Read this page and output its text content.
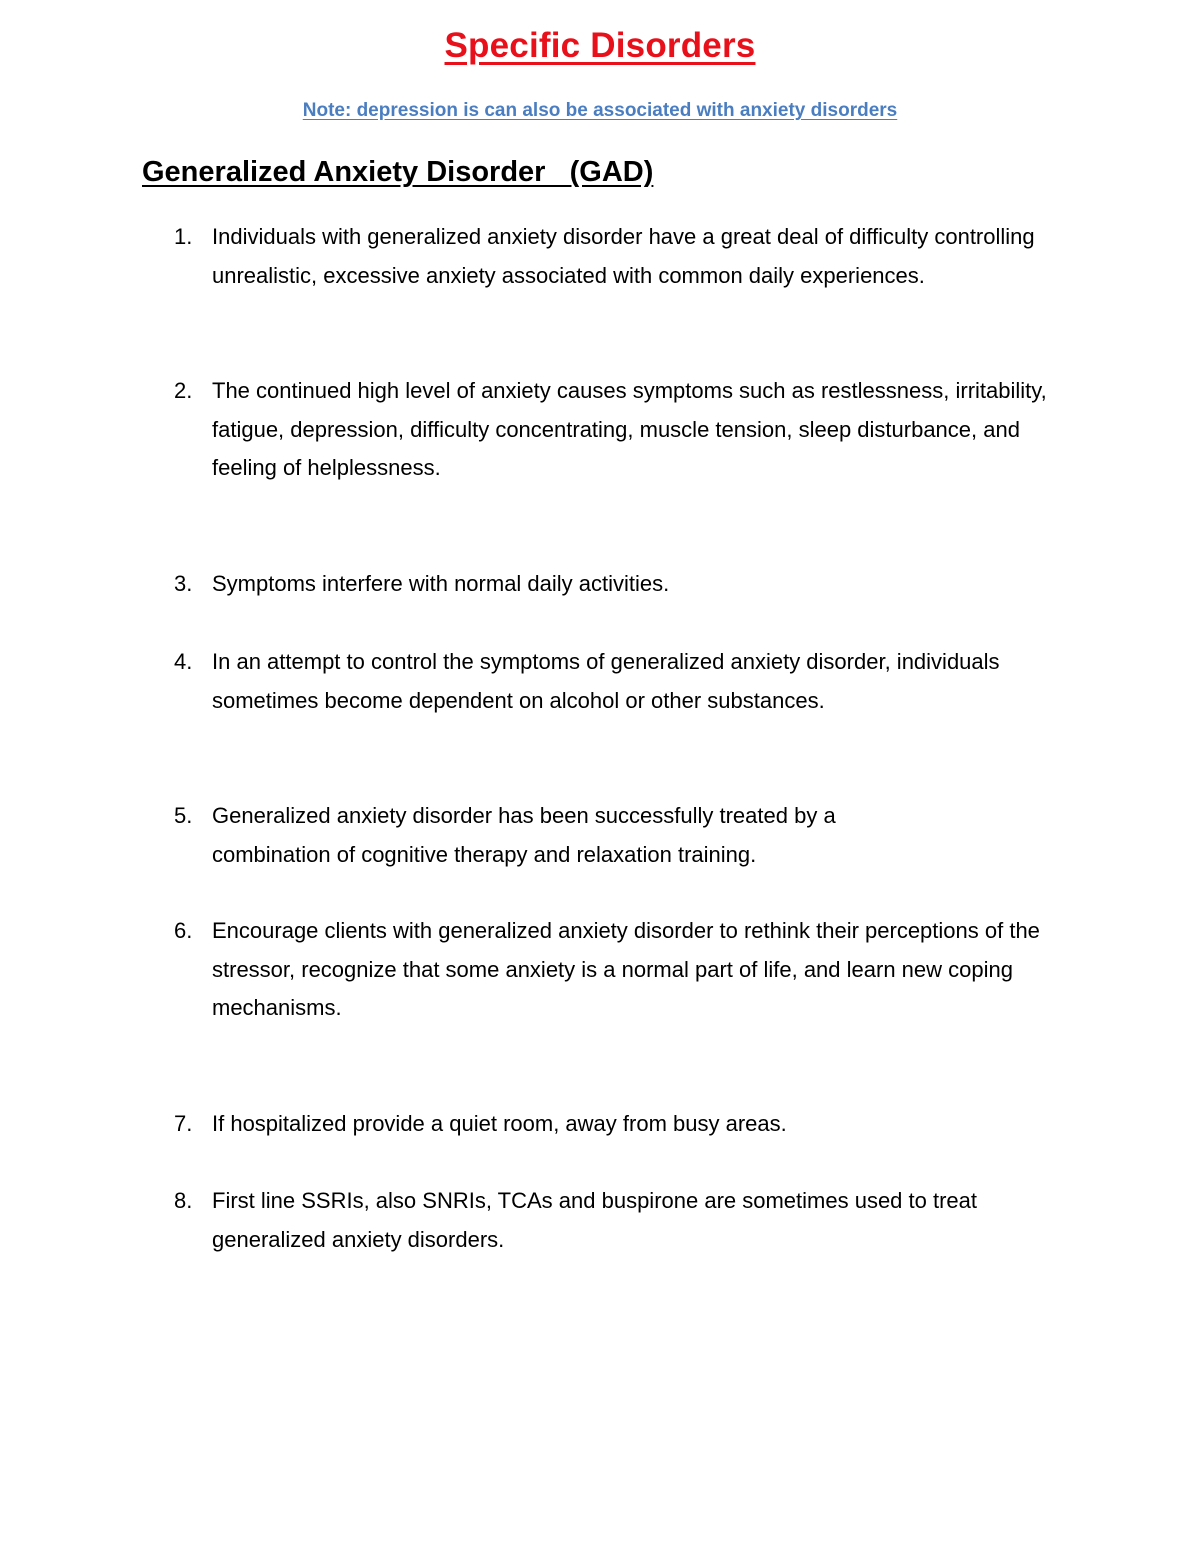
Specific Disorders
Note: depression is can also be associated with anxiety disorders
Generalized Anxiety Disorder   (GAD)
1. Individuals with generalized anxiety disorder have a great deal of difficulty controlling unrealistic, excessive anxiety associated with common daily experiences.
2. The continued high level of anxiety causes symptoms such as restlessness, irritability, fatigue, depression, difficulty concentrating, muscle tension, sleep disturbance, and feeling of helplessness.
3. Symptoms interfere with normal daily activities.
4. In an attempt to control the symptoms of generalized anxiety disorder, individuals sometimes become dependent on alcohol or other substances.
5. Generalized anxiety disorder has been successfully treated by a combination of cognitive therapy and relaxation training.
6. Encourage clients with generalized anxiety disorder to rethink their perceptions of the stressor, recognize that some anxiety is a normal part of life, and learn new coping mechanisms.
7. If hospitalized provide a quiet room, away from busy areas.
8. First line SSRIs, also SNRIs, TCAs and buspirone are sometimes used to treat generalized anxiety disorders.
